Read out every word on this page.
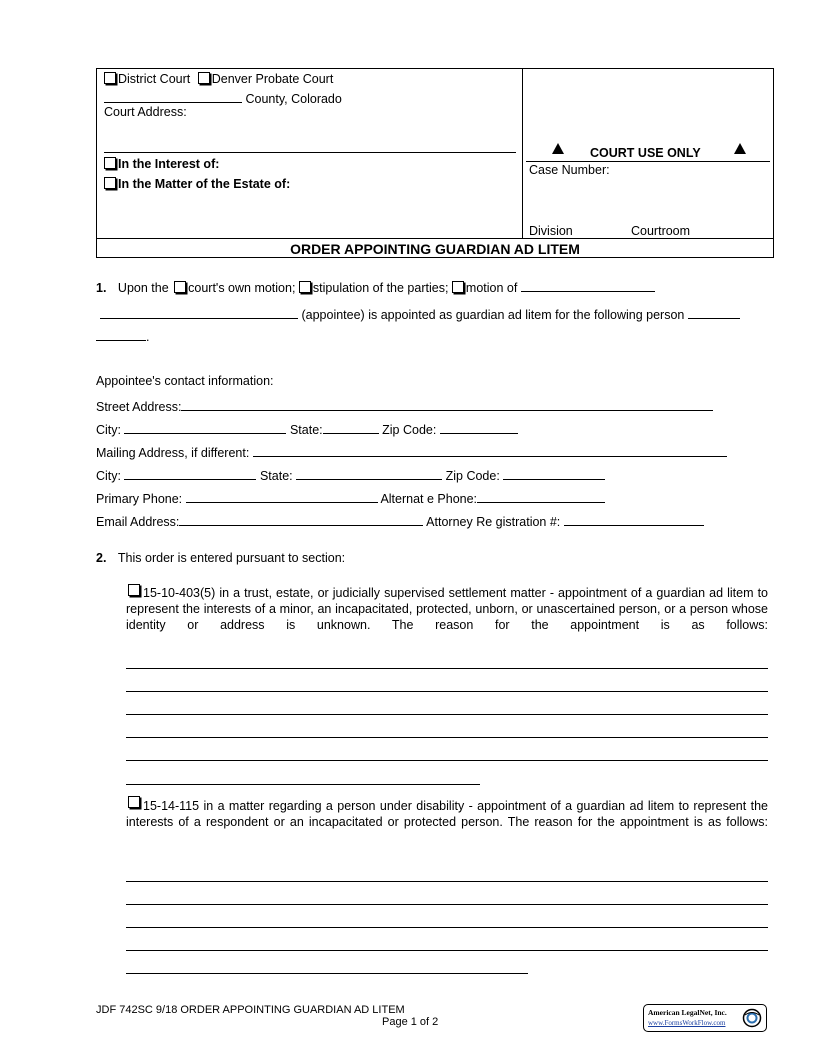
District Court Denver Probate Court
County, Colorado
Court Address:
In the Interest of:
In the Matter of the Estate of:
COURT USE ONLY
Case Number:
Division	Courtroom
ORDER APPOINTING GUARDIAN AD LITEM
1. Upon the court's own motion; stipulation of the parties; motion of
(appointee) is appointed as guardian ad litem for the following person
.
Appointee's contact information:
Street Address:
City:	State:	Zip Code:
Mailing Address, if different:
City:	State:	Zip Code:
Primary Phone:	Alternat e Phone:
Email Address:	Attorney Re gistration #:
2. This order is entered pursuant to section:
15-10-403(5) in a trust, estate, or judicially supervised settlement matter - appointment of a guardian ad litem to represent the interests of a minor, an incapacitated, protected, unborn, or unascertained person, or a person whose identity or address is unknown. The reason for the appointment is as follows:
15-14-115 in a matter regarding a person under disability - appointment of a guardian ad litem to represent the interests of a respondent or an incapacitated or protected person. The reason for the appointment is as follows:
JDF 742SC 9/18 ORDER APPOINTING GUARDIAN AD LITEM
Page 1 of 2
American LegalNet, Inc.
www.FormsWorkFlow.com
